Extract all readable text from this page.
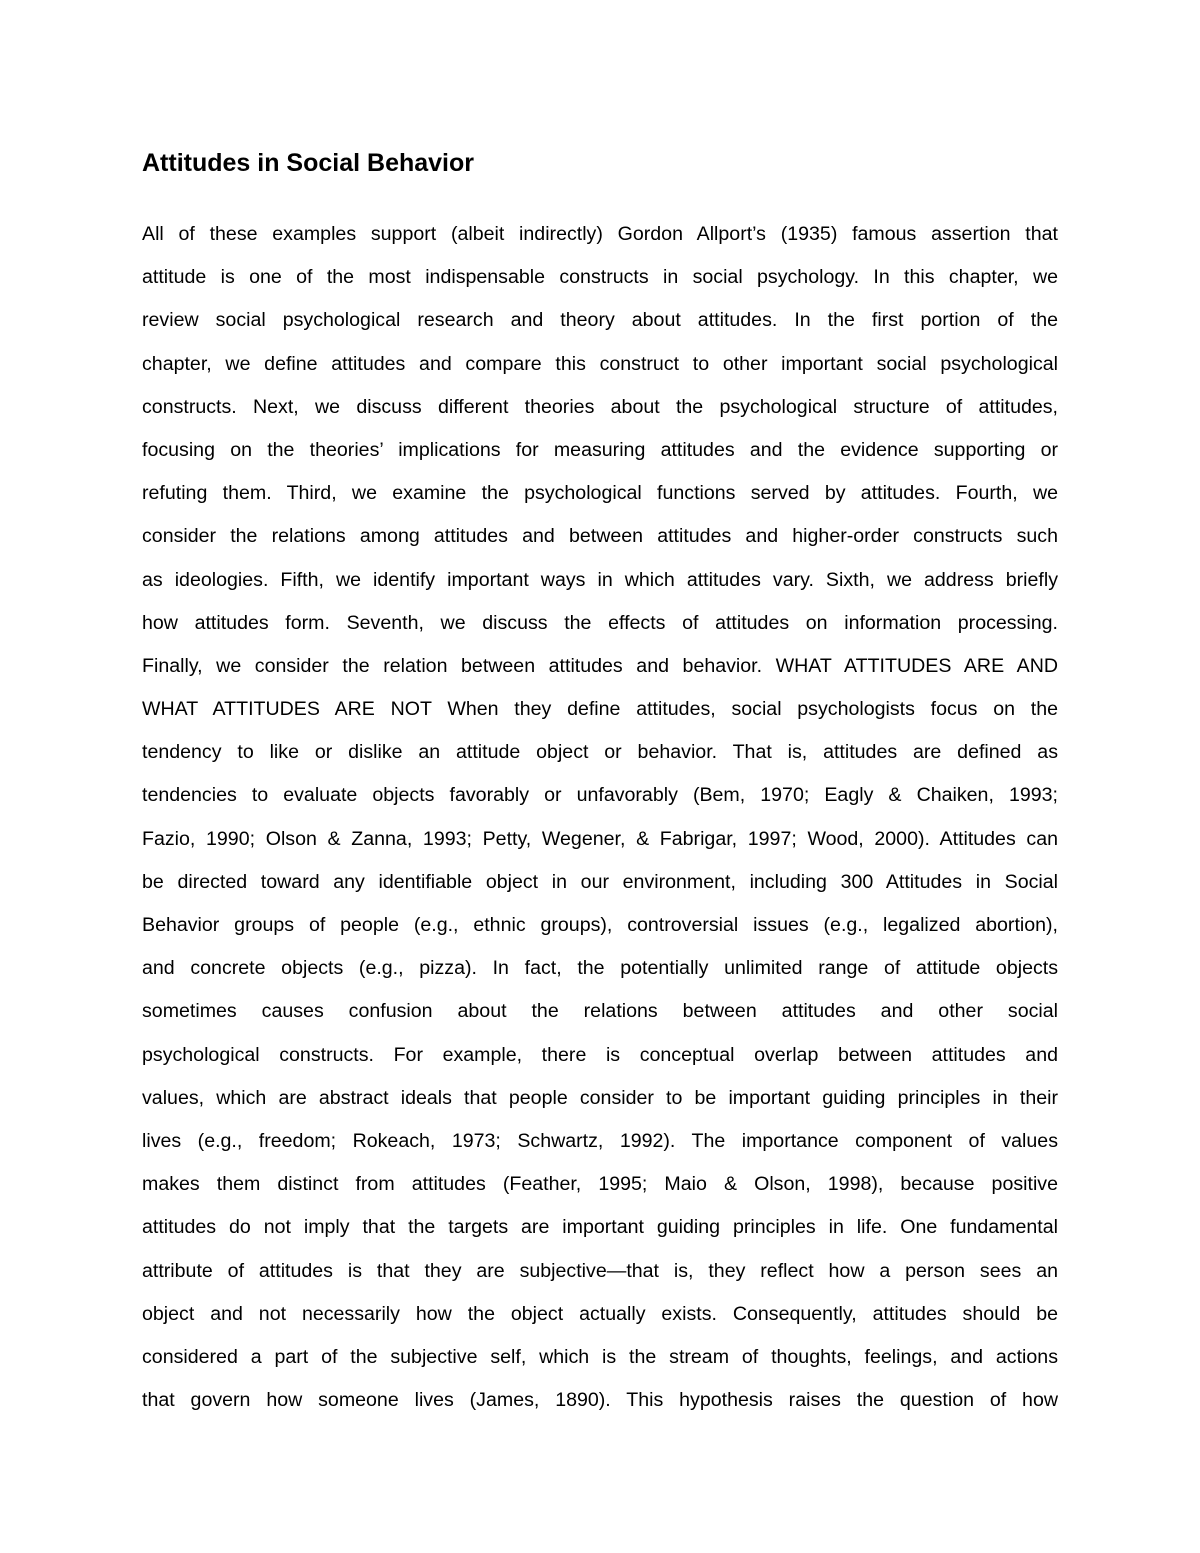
Attitudes in Social Behavior
All of these examples support (albeit indirectly) Gordon Allport’s (1935) famous assertion that
attitude is one of the most indispensable constructs in social psychology. In this chapter, we
review social psychological research and theory about attitudes. In the first portion of the
chapter, we define attitudes and compare this construct to other important social psychological
constructs. Next, we discuss different theories about the psychological structure of attitudes,
focusing on the theories’ implications for measuring attitudes and the evidence supporting or
refuting them. Third, we examine the psychological functions served by attitudes. Fourth, we
consider the relations among attitudes and between attitudes and higher-order constructs such
as ideologies. Fifth, we identify important ways in which attitudes vary. Sixth, we address briefly
how attitudes form. Seventh, we discuss the effects of attitudes on information processing.
Finally, we consider the relation between attitudes and behavior. WHAT ATTITUDES ARE AND
WHAT ATTITUDES ARE NOT When they define attitudes, social psychologists focus on the
tendency to like or dislike an attitude object or behavior. That is, attitudes are defined as
tendencies to evaluate objects favorably or unfavorably (Bem, 1970; Eagly & Chaiken, 1993;
Fazio, 1990; Olson & Zanna, 1993; Petty, Wegener, & Fabrigar, 1997; Wood, 2000). Attitudes can
be directed toward any identifiable object in our environment, including 300 Attitudes in Social
Behavior groups of people (e.g., ethnic groups), controversial issues (e.g., legalized abortion),
and concrete objects (e.g., pizza). In fact, the potentially unlimited range of attitude objects
sometimes causes confusion about the relations between attitudes and other social
psychological constructs. For example, there is conceptual overlap between attitudes and
values, which are abstract ideals that people consider to be important guiding principles in their
lives (e.g., freedom; Rokeach, 1973; Schwartz, 1992). The importance component of values
makes them distinct from attitudes (Feather, 1995; Maio & Olson, 1998), because positive
attitudes do not imply that the targets are important guiding principles in life. One fundamental
attribute of attitudes is that they are subjective—that is, they reflect how a person sees an
object and not necessarily how the object actually exists. Consequently, attitudes should be
considered a part of the subjective self, which is the stream of thoughts, feelings, and actions
that govern how someone lives (James, 1890). This hypothesis raises the question of how
